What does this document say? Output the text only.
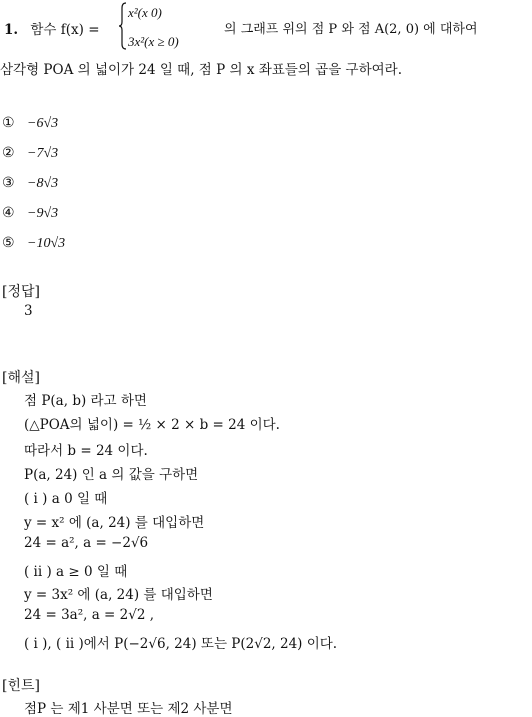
1. 함수 f(x) =
x²(x 0)
3x²(x ≥ 0)
의 그래프 위의 점 P 와 점 A(2, 0) 에 대하여
삼각형 POA 의 넓이가 24 일 때, 점 P 의 x 좌표들의 곱을 구하여라.
① −6√3
② −7√3
③ −8√3
④ −9√3
⑤ −10√3
[정답]
3
[해설]
점 P(a, b) 라고 하면
(△POA의 넓이) = ½ × 2 × b = 24 이다.
따라서 b = 24 이다.
P(a, 24) 인 a 의 값을 구하면
( i ) a 0 일 때
y = x² 에 (a, 24) 를 대입하면
24 = a², a = −2√6
( ii ) a ≥ 0 일 때
y = 3x² 에 (a, 24) 를 대입하면
24 = 3a², a = 2√2 ,
( i ), ( ii )에서 P(−2√6, 24) 또는 P(2√2, 24) 이다.
[힌트]
점P 는 제1 사분면 또는 제2 사분면
